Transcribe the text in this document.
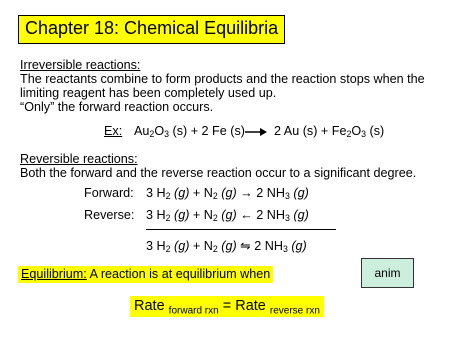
Chapter 18: Chemical Equilibria
Irreversible reactions:
The reactants combine to form products and the reaction stops when the
limiting reagent has been completely used up.
“Only” the forward reaction occurs.
Ex: $Au_2O_3$ (s) + 2 Fe (s) 2 Au $(s) + Fe_2O_3$ (s)
Reversible reactions:
Both the forward and the reverse reaction occur to a significant degree.
Forward: 3 $H_2$ $(g) + N_2$ (g) → 2 $NH_3$ (g)
Reverse: 3 $H_2$ $(g) + N_2$ (g) ← 2 $NH_3$ (g)
3 $H_2$ $(g) + N_2$ (g) ⇋ 2 $NH_3$ (g)
Equilibrium: A reaction is at equilibrium when	anim
Rate $_{forward rxn}$ = Rate $_{reverse rxn}$
